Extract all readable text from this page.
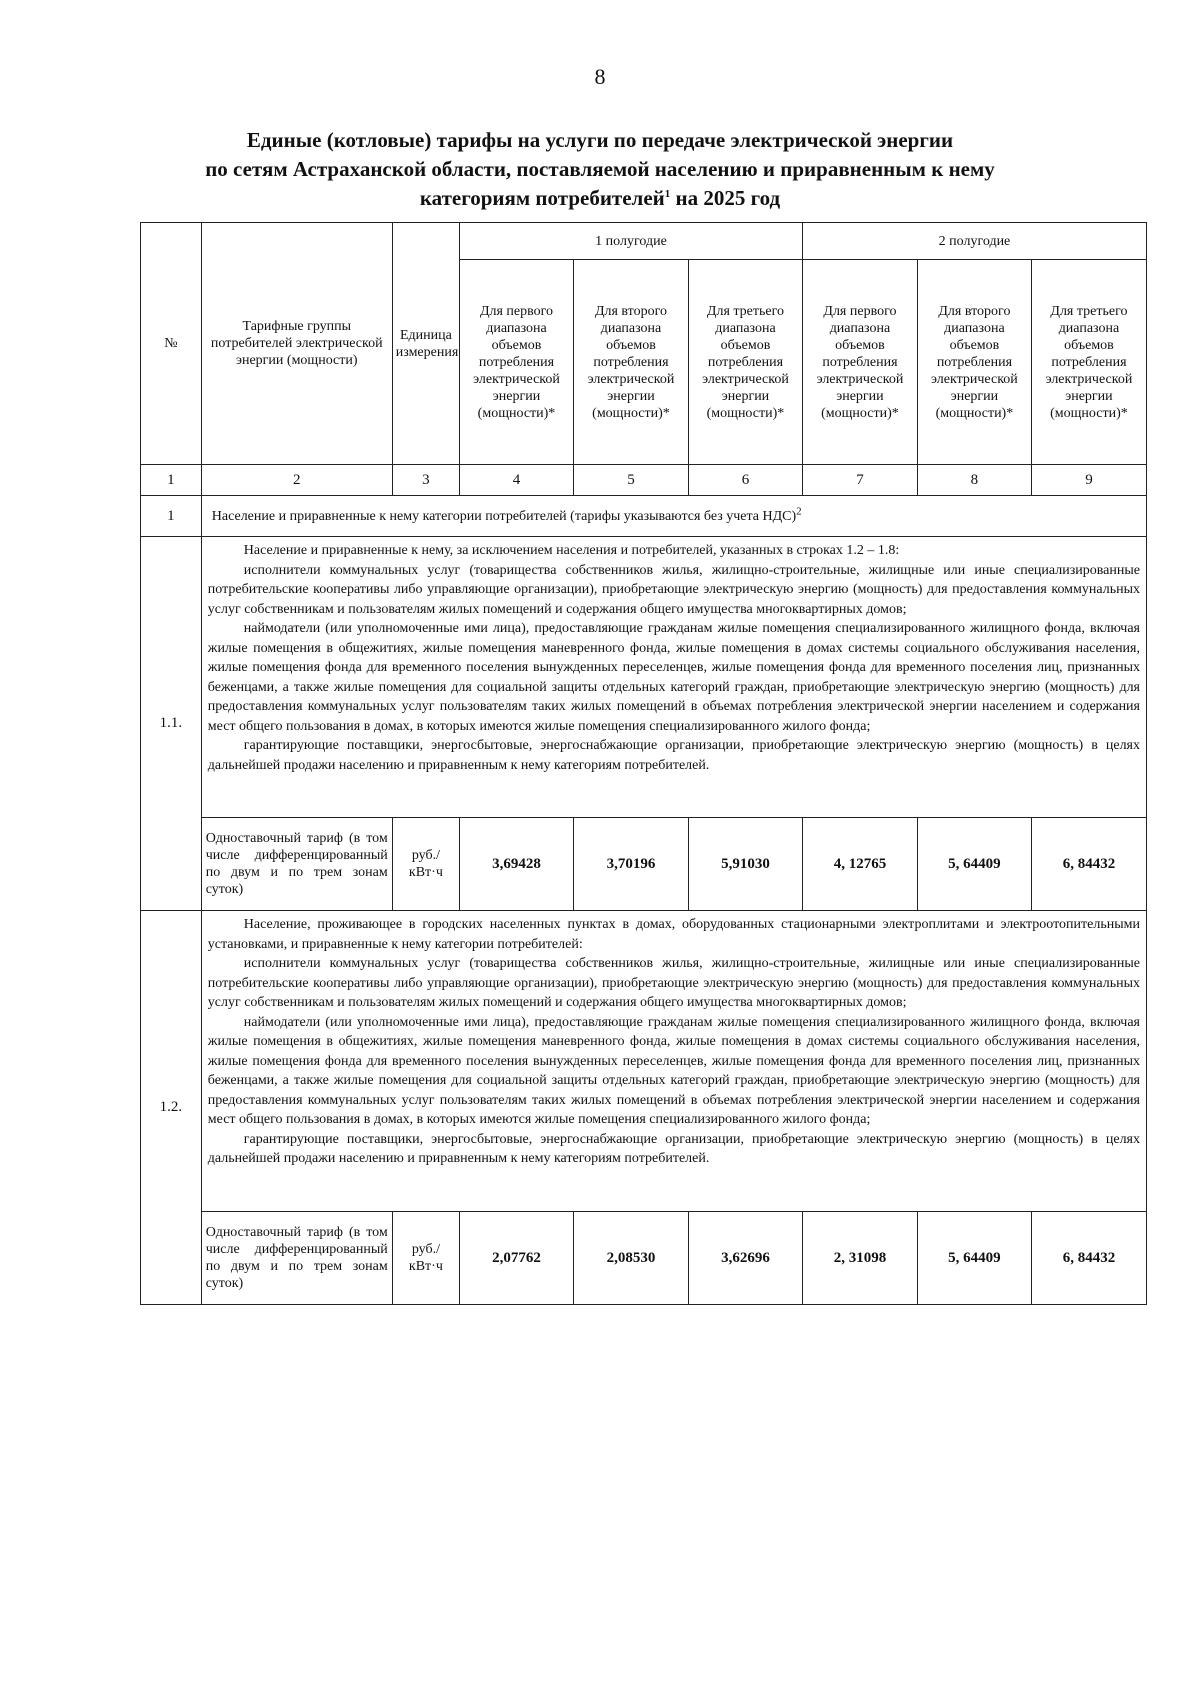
8
Единые (котловые) тарифы на услуги по передаче электрической энергии
по сетям Астраханской области, поставляемой населению и приравненным к нему
категориям потребителей$^1$ на 2025 год
№	Тарифные группы потребителей электрической энергии (мощности)	Единица измерения	1 полугодие			2 полугодие		
			Для первого диапазона объемов потребления электрической энергии (мощности)*	Для второго диапазона объемов потребления электрической энергии (мощности)*	Для третьего диапазона объемов потребления электрической энергии (мощности)*	Для первого диапазона объемов потребления электрической энергии (мощности)*	Для второго диапазона объемов потребления электрической энергии (мощности)*	Для третьего диапазона объемов потребления электрической энергии (мощности)*
1	2	3	4	5	6	7	8	9
1	Население и приравненные к нему категории потребителей (тарифы указываются без учета НДС)$^2$
1.1.	Население и приравненные к нему, за исключением населения и потребителей, указанных в строках 1.2 – 1.8:

исполнители коммунальных услуг (товарищества собственников жилья, жилищно-строительные, жилищные или иные специализированные потребительские кооперативы либо управляющие организации), приобретающие электрическую энергию (мощность) для предоставления коммунальных услуг собственникам и пользователям жилых помещений и содержания общего имущества многоквартирных домов;

наймодатели (или уполномоченные ими лица), предоставляющие гражданам жилые помещения специализированного жилищного фонда, включая жилые помещения в общежитиях, жилые помещения маневренного фонда, жилые помещения в домах системы социального обслуживания населения, жилые помещения фонда для временного поселения вынужденных переселенцев, жилые помещения фонда для временного поселения лиц, признанных беженцами, а также жилые помещения для социальной защиты отдельных категорий граждан, приобретающие электрическую энергию (мощность) для предоставления коммунальных услуг пользователям таких жилых помещений в объемах потребления электрической энергии населением и содержания мест общего пользования в домах, в которых имеются жилые помещения специализированного жилого фонда;

гарантирующие поставщики, энергосбытовые, энергоснабжающие организации, приобретающие электрическую энергию (мощность) в целях дальнейшей продажи населению и приравненным к нему категориям потребителей.							

	Одноставочный тариф (в том числе дифференцированный по двум и по трем зонам суток)	руб./ кВт·ч	3,69428	3,70196	5,91030	4, 12765	5, 64409	6, 84432
1.2.	Население, проживающее в городских населенных пунктах в домах, оборудованных стационарными электроплитами и электроотопительными установками, и приравненные к нему категории потребителей:

исполнители коммунальных услуг (товарищества собственников жилья, жилищно-строительные, жилищные или иные специализированные потребительские кооперативы либо управляющие организации), приобретающие электрическую энергию (мощность) для предоставления коммунальных услуг собственникам и пользователям жилых помещений и содержания общего имущества многоквартирных домов;

наймодатели (или уполномоченные ими лица), предоставляющие гражданам жилые помещения специализированного жилищного фонда, включая жилые помещения в общежитиях, жилые помещения маневренного фонда, жилые помещения в домах системы социального обслуживания населения, жилые помещения фонда для временного поселения вынужденных переселенцев, жилые помещения фонда для временного поселения лиц, признанных беженцами, а также жилые помещения для социальной защиты отдельных категорий граждан, приобретающие электрическую энергию (мощность) для предоставления коммунальных услуг пользователям таких жилых помещений в объемах потребления электрической энергии населением и содержания мест общего пользования в домах, в которых имеются жилые помещения специализированного жилого фонда;

гарантирующие поставщики, энергосбытовые, энергоснабжающие организации, приобретающие электрическую энергию (мощность) в целях дальнейшей продажи населению и приравненным к нему категориям потребителей.							

	Одноставочный тариф (в том числе дифференцированный по двум и по трем зонам суток)	руб./ кВт·ч	2,07762	2,08530	3,62696	2, 31098	5, 64409	6, 84432
